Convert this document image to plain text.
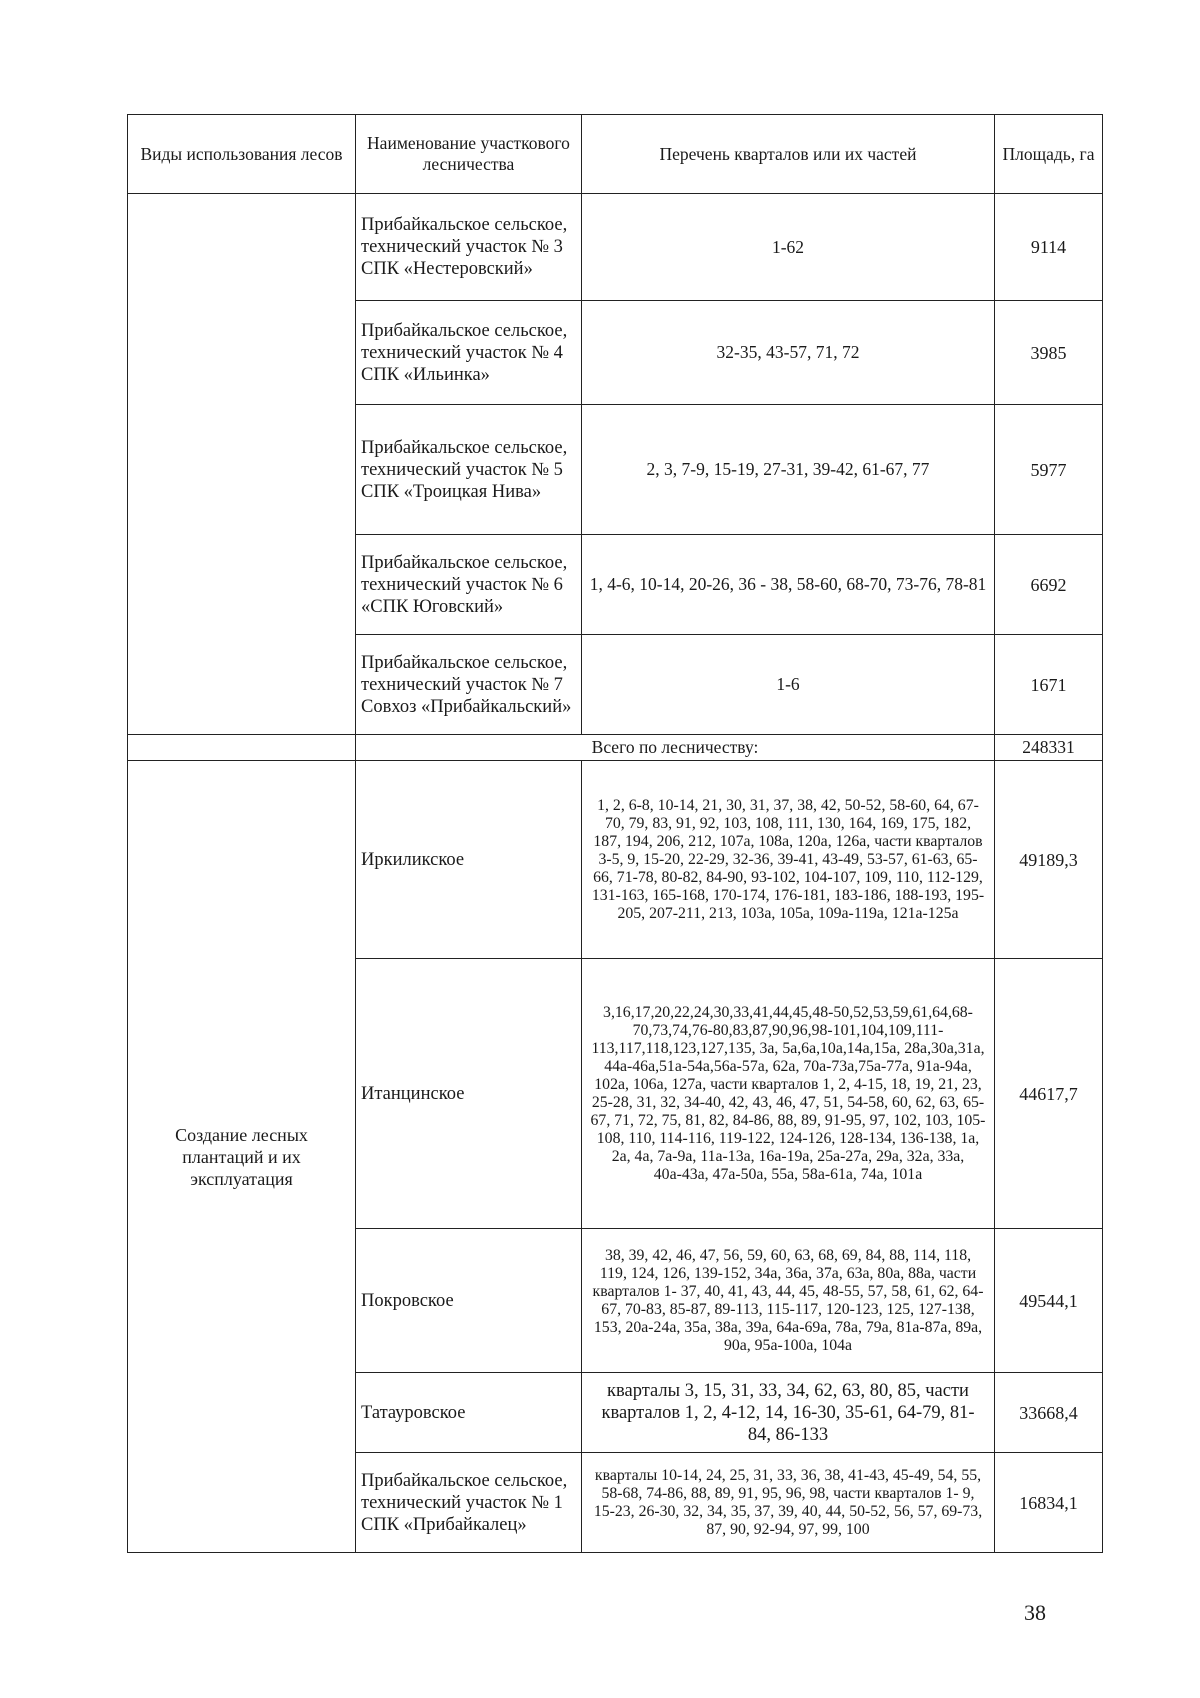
Виды использования лесов	Наименование участкового лесничества	Перечень кварталов или их частей	Площадь, га
	Прибайкальское сельское, технический участок № 3 СПК «Нестеровский»	1-62	9114
	Прибайкальское сельское, технический участок № 4 СПК «Ильинка»	32-35, 43-57, 71, 72	3985
	Прибайкальское сельское, технический участок № 5 СПК «Троицкая Нива»	2, 3, 7-9, 15-19, 27-31, 39-42, 61-67, 77	5977
	Прибайкальское сельское, технический участок № 6 «СПК Юговский»	1, 4-6, 10-14, 20-26, 36 - 38, 58-60, 68-70, 73-76, 78-81	6692
	Прибайкальское сельское, технический участок № 7 Совхоз «Прибайкальский»	1-6	1671
	Всего по лесничеству:		248331
Создание лесных плантаций и их эксплуатация	Иркиликское	1, 2, 6-8, 10-14, 21, 30, 31, 37, 38, 42, 50-52, 58-60, 64, 67-70, 79, 83, 91, 92, 103, 108, 111, 130, 164, 169, 175, 182, 187, 194, 206, 212, 107а, 108а, 120а, 126а, части кварталов 3-5, 9, 15-20, 22-29, 32-36, 39-41, 43-49, 53-57, 61-63, 65-66, 71-78, 80-82, 84-90, 93-102, 104-107, 109, 110, 112-129, 131-163, 165-168, 170-174, 176-181, 183-186, 188-193, 195-205, 207-211, 213, 103а, 105а, 109а-119а, 121а-125а	49189,3
	Итанцинское	3,16,17,20,22,24,30,33,41,44,45,48-50,52,53,59,61,64,68-70,73,74,76-80,83,87,90,96,98-101,104,109,111-113,117,118,123,127,135, 3а, 5а,6а,10а,14а,15а, 28а,30а,31а, 44а-46а,51а-54а,56а-57а, 62а, 70а-73а,75а-77а, 91а-94а, 102а, 106а, 127а, части кварталов 1, 2, 4-15, 18, 19, 21, 23, 25-28, 31, 32, 34-40, 42, 43, 46, 47, 51, 54-58, 60, 62, 63, 65-67, 71, 72, 75, 81, 82, 84-86, 88, 89, 91-95, 97, 102, 103, 105-108, 110, 114-116, 119-122, 124-126, 128-134, 136-138, 1а, 2а, 4а, 7а-9а, 11а-13а, 16а-19а, 25а-27а, 29а, 32а, 33а, 40а-43а, 47а-50а, 55а, 58а-61а, 74а, 101а	44617,7
	Покровское	38, 39, 42, 46, 47, 56, 59, 60, 63, 68, 69, 84, 88, 114, 118, 119, 124, 126, 139-152, 34а, 36а, 37а, 63а, 80а, 88а, части кварталов 1- 37, 40, 41, 43, 44, 45, 48-55, 57, 58, 61, 62, 64-67, 70-83, 85-87, 89-113, 115-117, 120-123, 125, 127-138, 153, 20а-24а, 35а, 38а, 39а, 64а-69а, 78а, 79а, 81а-87а, 89а, 90а, 95а-100а, 104а	49544,1
	Татауровское	кварталы 3, 15, 31, 33, 34, 62, 63, 80, 85, части кварталов 1, 2, 4-12, 14, 16-30, 35-61, 64-79, 81-84, 86-133	33668,4
	Прибайкальское сельское, технический участок № 1 СПК «Прибайкалец»	кварталы 10-14, 24, 25, 31, 33, 36, 38, 41-43, 45-49, 54, 55, 58-68, 74-86, 88, 89, 91, 95, 96, 98, части кварталов 1- 9, 15-23, 26-30, 32, 34, 35, 37, 39, 40, 44, 50-52, 56, 57, 69-73, 87, 90, 92-94, 97, 99, 100	16834,1
38
